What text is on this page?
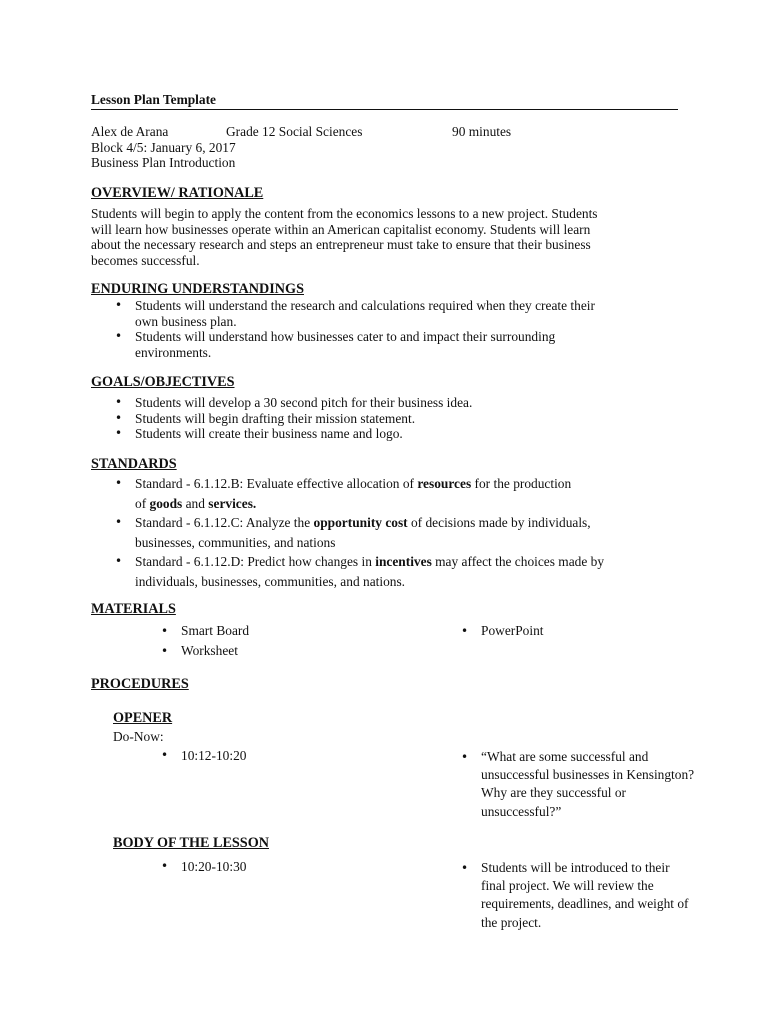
Lesson Plan Template
Alex de Arana	Grade 12 Social Sciences	90 minutes
Block 4/5: January 6, 2017
Business Plan Introduction
OVERVIEW/ RATIONALE
Students will begin to apply the content from the economics lessons to a new project. Students
will learn how businesses operate within an American capitalist economy. Students will learn
about the necessary research and steps an entrepreneur must take to ensure that their business
becomes successful.
ENDURING UNDERSTANDINGS
• Students will understand the research and calculations required when they create their
own business plan.
• Students will understand how businesses cater to and impact their surrounding
environments.
GOALS/OBJECTIVES
• Students will develop a 30 second pitch for their business idea.
• Students will begin drafting their mission statement.
• Students will create their business name and logo.
STANDARDS
• Standard - 6.1.12.B: Evaluate effective allocation of resources for the production
of goods and services.
• Standard - 6.1.12.C: Analyze the opportunity cost of decisions made by individuals,
businesses, communities, and nations
• Standard - 6.1.12.D: Predict how changes in incentives may affect the choices made by
individuals, businesses, communities, and nations.
MATERIALS
• Smart Board
• Worksheet
• PowerPoint
PROCEDURES
OPENER
Do-Now:
• 10:12-10:20	• “What are some successful and
unsuccessful businesses in Kensington?
Why are they successful or
unsuccessful?”
BODY OF THE LESSON
• 10:20-10:30	• Students will be introduced to their
final project. We will review the
requirements, deadlines, and weight of
the project.
